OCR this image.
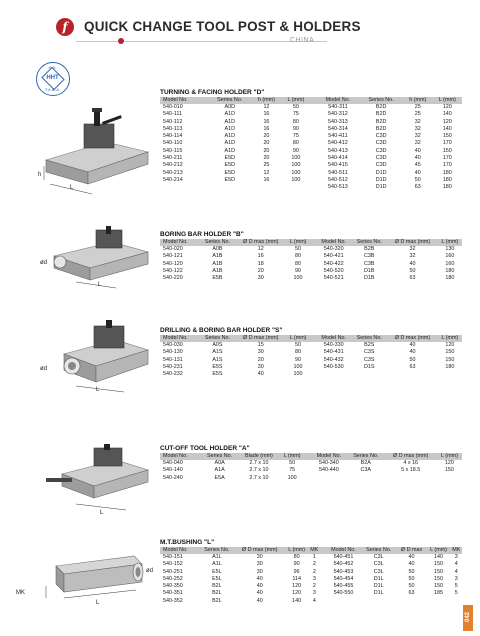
f	QUICK CHANGE TOOL POST & HOLDERS
CHINA
H.D.
HHT
T.A.M.A.
h
L
ød
L
ød
L
L
MK
ød
L
TURNING & FACING HOLDER "D"
Model No.	Series No.	h (mm)	L (mm)		Model No.	Series No.	h (mm)	L (mm)
540-010	A0D	12	50		540-311	B2D	25	120
540-111	A1D	16	75		540-312	B2D	25	140
540-112	A1D	16	80		540-313	B2D	32	120
540-113	A1D	16	90		540-314	B2D	32	140
540-114	A1D	20	75		540-411	C3D	32	150
540-110	A1D	20	80		540-412	C3D	32	170
540-115	A1D	20	90		540-413	C3D	40	150
540-211	E5D	20	100		540-414	C3D	40	170
540-212	E5D	25	100		540-415	C3D	45	170
540-213	E5D	12	100		540-511	D1D	40	180
540-214	E5D	16	100		540-512	D1D	50	180
					540-513	D1D	63	180
BORING BAR HOLDER "B"
Model No.	Series No.	Ø D max (mm)	L (mm)		Model No.	Series No.	Ø D max (mm)	L (mm)
540-020	A0B	12	50		540-320	B2B	32	130
540-121	A1B	16	80		540-421	C3B	32	160
540-120	A1B	18	80		540-422	C3B	40	160
540-122	A1B	20	90		540-520	D1B	50	180
540-220	E5B	30	100		540-521	D1B	63	180
DRILLING & BORING BAR HOLDER "S"
Model No.	Series No.	Ø D max (mm)	L (mm)		Model No.	Series No.	Ø D max (mm)	L (mm)
540-030	A0S	15	50		540-330	B2S	40	120
540-130	A1S	30	80		540-431	C3S	40	150
540-131	A1S	20	90		540-432	C3S	50	150
540-231	E5S	30	100		540-530	D1S	63	180
540-232	E5S	40	100					
CUT-OFF TOOL HOLDER "A"
Model No.	Series No.	Blade (mm)	L (mm)		Model No.	Series No.	Ø D max (mm)	L (mm)
540-040	A0A	2.7 x 10	50		540-340	B2A	4 x 16	120
540-140	A1A	2.7 x 10	75		540-440	C3A	5 x 18.5	150
540-240	E5A	2.7 x 10	100					
M.T.BUSHING "L"
Model No.	Series No.	Ø D max (mm)	L (mm)	MK		Model No.	Series No.	Ø D max	L (mm)	MK
540-151	A1L	30	80	1		540-451	C3L	40	140	3
540-152	A1L	30	90	2		540-452	C3L	40	150	4
540-251	E5L	30	96	2		540-453	C3L	50	150	4
540-252	E5L	40	114	3		540-454	D1L	50	150	3
540-350	B2L	40	120	2		540-455	D1L	50	150	5
540-351	B2L	40	120	3		540-550	D1L	63	185	5
540-352	B2L	40	140	4						
042
